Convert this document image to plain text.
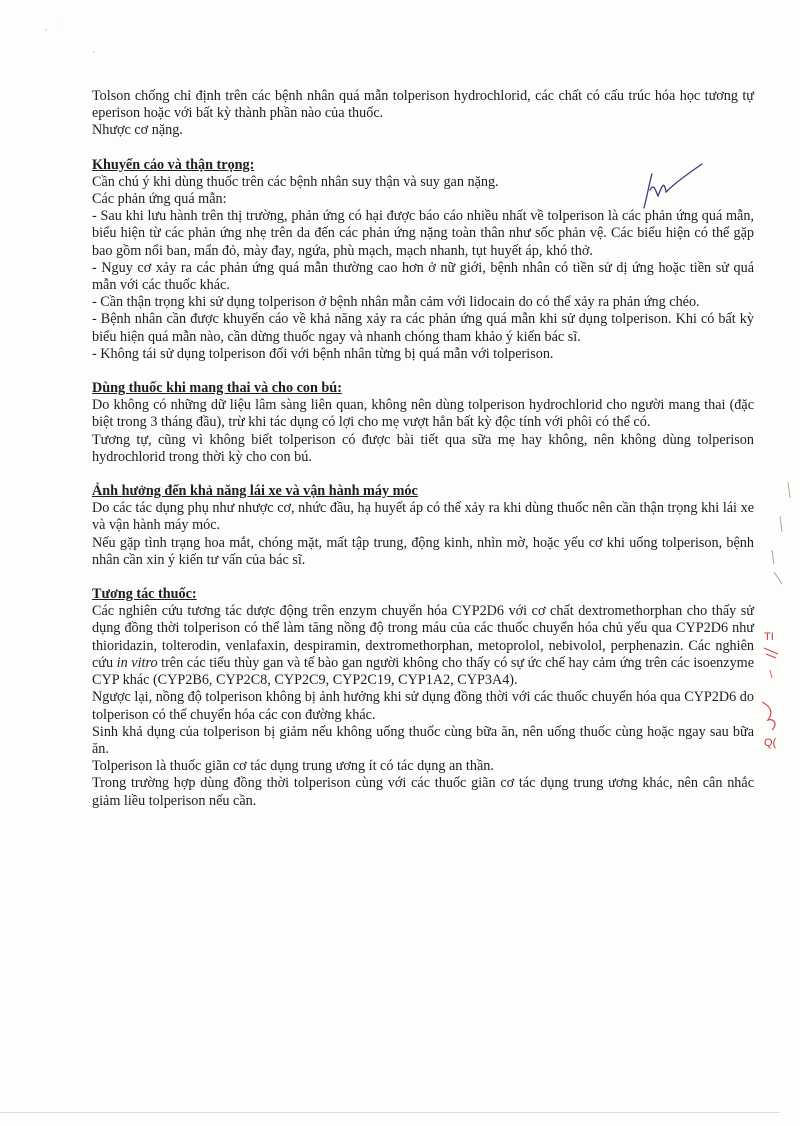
Tolson chống chỉ định trên các bệnh nhân quá mẫn tolperison hydrochlorid, các chất có cấu trúc hóa học tương tự eperison hoặc với bất kỳ thành phần nào của thuốc.

Nhược cơ nặng.

Khuyến cáo và thận trọng:

Cần chú ý khi dùng thuốc trên các bệnh nhân suy thận và suy gan nặng.

Các phản ứng quá mẫn:

- Sau khi lưu hành trên thị trường, phản ứng có hại được báo cáo nhiều nhất về tolperison là các phản ứng quá mẫn, biểu hiện từ các phản ứng nhẹ trên da đến các phản ứng nặng toàn thân như sốc phản vệ. Các biểu hiện có thể gặp bao gồm nổi ban, mẩn đỏ, mày đay, ngứa, phù mạch, mạch nhanh, tụt huyết áp, khó thở.

- Nguy cơ xảy ra các phản ứng quá mẫn thường cao hơn ở nữ giới, bệnh nhân có tiền sử dị ứng hoặc tiền sử quá mẫn với các thuốc khác.

- Cần thận trọng khi sử dụng tolperison ở bệnh nhân mẫn cảm với lidocain do có thể xảy ra phản ứng chéo.

- Bệnh nhân cần được khuyến cáo về khả năng xảy ra các phản ứng quá mẫn khi sử dụng tolperison. Khi có bất kỳ biểu hiện quá mẫn nào, cần dừng thuốc ngay và nhanh chóng tham khảo ý kiến bác sĩ.

- Không tái sử dụng tolperison đối với bệnh nhân từng bị quá mẫn với tolperison.

Dùng thuốc khi mang thai và cho con bú:

Do không có những dữ liệu lâm sàng liên quan, không nên dùng tolperison hydrochlorid cho người mang thai (đặc biệt trong 3 tháng đầu), trừ khi tác dụng có lợi cho mẹ vượt hẳn bất kỳ độc tính với phôi có thể có.

Tương tự, cũng vì không biết tolperison có được bài tiết qua sữa mẹ hay không, nên không dùng tolperison hydrochlorid trong thời kỳ cho con bú.

Ảnh hưởng đến khả năng lái xe và vận hành máy móc

Do các tác dụng phụ như nhược cơ, nhức đầu, hạ huyết áp có thể xảy ra khi dùng thuốc nên cần thận trọng khi lái xe và vận hành máy móc.

Nếu gặp tình trạng hoa mắt, chóng mặt, mất tập trung, động kinh, nhìn mờ, hoặc yếu cơ khi uống tolperison, bệnh nhân cần xin ý kiến tư vấn của bác sĩ.

Tương tác thuốc:

Các nghiên cứu tương tác dược động trên enzym chuyển hóa CYP2D6 với cơ chất dextromethorphan cho thấy sử dụng đồng thời tolperison có thể làm tăng nồng độ trong máu của các thuốc chuyển hóa chủ yếu qua CYP2D6 như thioridazin, tolterodin, venlafaxin, despiramin, dextromethorphan, metoprolol, nebivolol, perphenazin. Các nghiên cứu in vitro trên các tiểu thùy gan và tế bào gan người không cho thấy có sự ức chế hay cảm ứng trên các isoenzyme CYP khác (CYP2B6, CYP2C8, CYP2C9, CYP2C19, CYP1A2, CYP3A4).

Ngược lại, nồng độ tolperison không bị ảnh hưởng khi sử dụng đồng thời với các thuốc chuyển hóa qua CYP2D6 do tolperison có thể chuyển hóa các con đường khác.

Sinh khả dụng của tolperison bị giảm nếu không uống thuốc cùng bữa ăn, nên uống thuốc cùng hoặc ngay sau bữa ăn.

Tolperison là thuốc giãn cơ tác dụng trung ương ít có tác dụng an thần.

Trong trường hợp dùng đồng thời tolperison cùng với các thuốc giãn cơ tác dụng trung ương khác, nên cân nhắc giảm liều tolperison nếu cần.

TI
Q(
